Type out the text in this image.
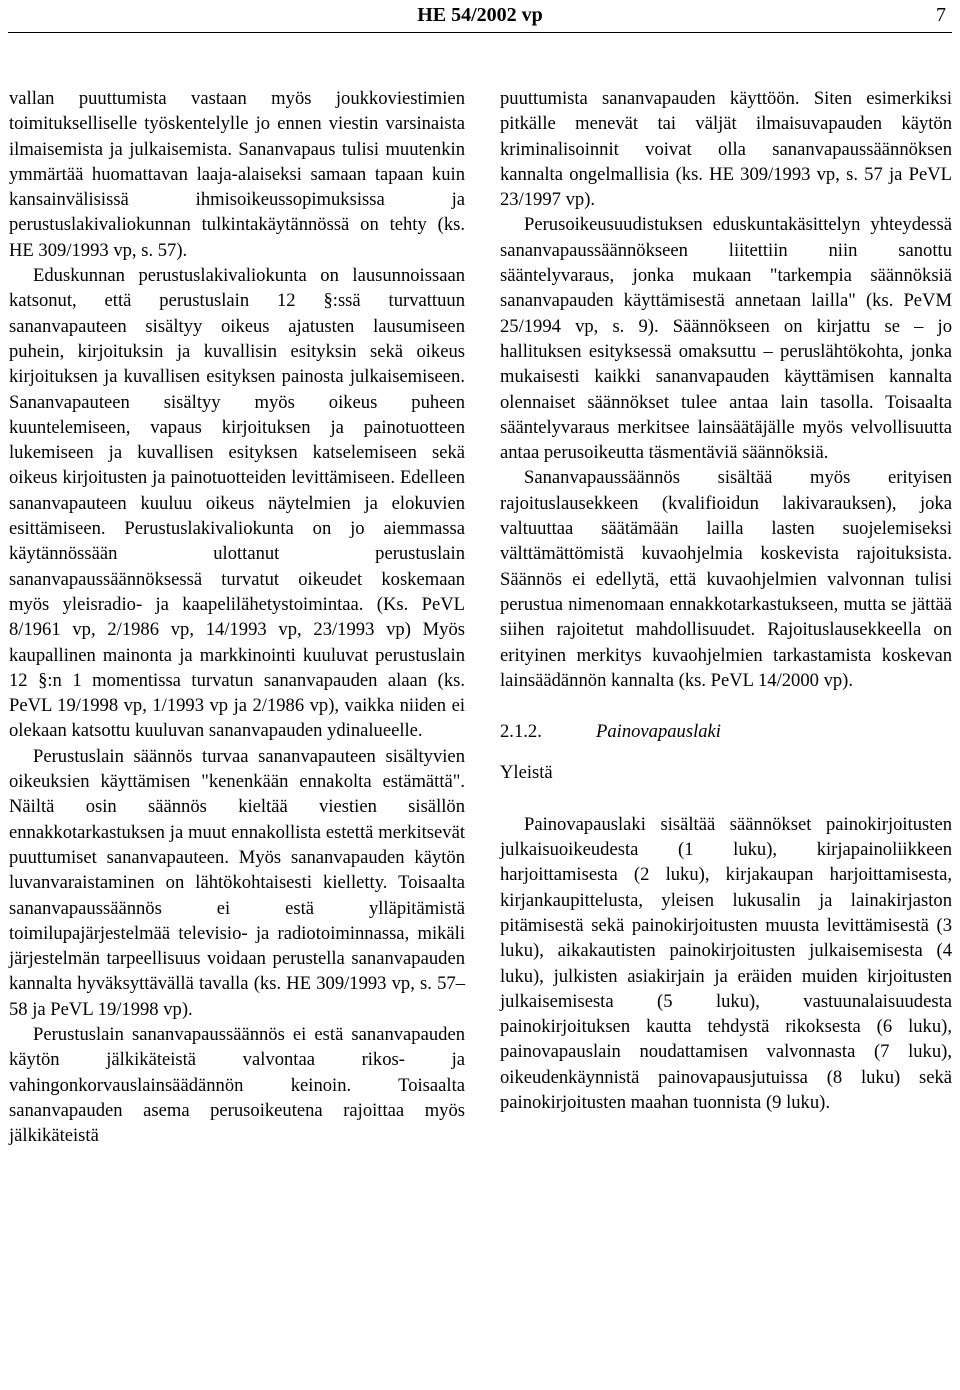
HE 54/2002 vp	7

vallan puuttumista vastaan myös joukkoviestimien toimitukselliselle työskentelylle jo ennen viestin varsinaista ilmaisemista ja julkaisemista. Sananvapaus tulisi muutenkin ymmärtää huomattavan laaja-alaiseksi samaan tapaan kuin kansainvälisissä ihmisoikeussopimuksissa ja perustuslakivaliokunnan tulkintakäytännössä on tehty (ks. HE 309/1993 vp, s. 57).

Eduskunnan perustuslakivaliokunta on lausunnoissaan katsonut, että perustuslain 12 §:ssä turvattuun sananvapauteen sisältyy oikeus ajatusten lausumiseen puhein, kirjoituksin ja kuvallisin esityksin sekä oikeus kirjoituksen ja kuvallisen esityksen painosta julkaisemiseen. Sananvapauteen sisältyy myös oikeus puheen kuuntelemiseen, vapaus kirjoituksen ja painotuotteen lukemiseen ja kuvallisen esityksen katselemiseen sekä oikeus kirjoitusten ja painotuotteiden levittämiseen. Edelleen sananvapauteen kuuluu oikeus näytelmien ja elokuvien esittämiseen. Perustuslakivaliokunta on jo aiemmassa käytännössään ulottanut perustuslain sananvapaussäännöksessä turvatut oikeudet koskemaan myös yleisradio- ja kaapelilähetystoimintaa. (Ks. PeVL 8/1961 vp, 2/1986 vp, 14/1993 vp, 23/1993 vp) Myös kaupallinen mainonta ja markkinointi kuuluvat perustuslain 12 §:n 1 momentissa turvatun sananvapauden alaan (ks. PeVL 19/1998 vp, 1/1993 vp ja 2/1986 vp), vaikka niiden ei olekaan katsottu kuuluvan sananvapauden ydinalueelle.

Perustuslain säännös turvaa sananvapauteen sisältyvien oikeuksien käyttämisen "kenenkään ennakolta estämättä". Näiltä osin säännös kieltää viestien sisällön ennakkotarkastuksen ja muut ennakollista estettä merkitsevät puuttumiset sananvapauteen. Myös sananvapauden käytön luvanvaraistaminen on lähtökohtaisesti kielletty. Toisaalta sananvapaussäännös ei estä ylläpitämistä toimilupajärjestelmää televisio- ja radiotoiminnassa, mikäli järjestelmän tarpeellisuus voidaan perustella sananvapauden kannalta hyväksyttävällä tavalla (ks. HE 309/1993 vp, s. 57–58 ja PeVL 19/1998 vp).

Perustuslain sananvapaussäännös ei estä sananvapauden käytön jälkikäteistä valvontaa rikos- ja vahingonkorvauslainsäädännön keinoin. Toisaalta sananvapauden asema perusoikeutena rajoittaa myös jälkikäteistä

puuttumista sananvapauden käyttöön. Siten esimerkiksi pitkälle menevät tai väljät ilmaisuvapauden käytön kriminalisoinnit voivat olla sananvapaussäännöksen kannalta ongelmallisia (ks. HE 309/1993 vp, s. 57 ja PeVL 23/1997 vp).

Perusoikeusuudistuksen eduskuntakäsittelyn yhteydessä sananvapaussäännökseen liitettiin niin sanottu sääntelyvaraus, jonka mukaan "tarkempia säännöksiä sananvapauden käyttämisestä annetaan lailla" (ks. PeVM 25/1994 vp, s. 9). Säännökseen on kirjattu se – jo hallituksen esityksessä omaksuttu – peruslähtökohta, jonka mukaisesti kaikki sananvapauden käyttämisen kannalta olennaiset säännökset tulee antaa lain tasolla. Toisaalta sääntelyvaraus merkitsee lainsäätäjälle myös velvollisuutta antaa perusoikeutta täsmentäviä säännöksiä.

Sananvapaussäännös sisältää myös erityisen rajoituslausekkeen (kvalifioidun lakivarauksen), joka valtuuttaa säätämään lailla lasten suojelemiseksi välttämättömistä kuvaohjelmia koskevista rajoituksista. Säännös ei edellytä, että kuvaohjelmien valvonnan tulisi perustua nimenomaan ennakkotarkastukseen, mutta se jättää siihen rajoitetut mahdollisuudet. Rajoituslausekkeella on erityinen merkitys kuvaohjelmien tarkastamista koskevan lainsäädännön kannalta (ks. PeVL 14/2000 vp).

2.1.2.	Painovapauslaki

Yleistä

Painovapauslaki sisältää säännökset painokirjoitusten julkaisuoikeudesta (1 luku), kirjapainoliikkeen harjoittamisesta (2 luku), kirjakaupan harjoittamisesta, kirjankaupittelusta, yleisen lukusalin ja lainakirjaston pitämisestä sekä painokirjoitusten muusta levittämisestä (3 luku), aikakautisten painokirjoitusten julkaisemisesta (4 luku), julkisten asiakirjain ja eräiden muiden kirjoitusten julkaisemisesta (5 luku), vastuunalaisuudesta painokirjoituksen kautta tehdystä rikoksesta (6 luku), painovapauslain noudattamisen valvonnasta (7 luku), oikeudenkäynnistä painovapausjutuissa (8 luku) sekä painokirjoitusten maahan tuonnista (9 luku).
